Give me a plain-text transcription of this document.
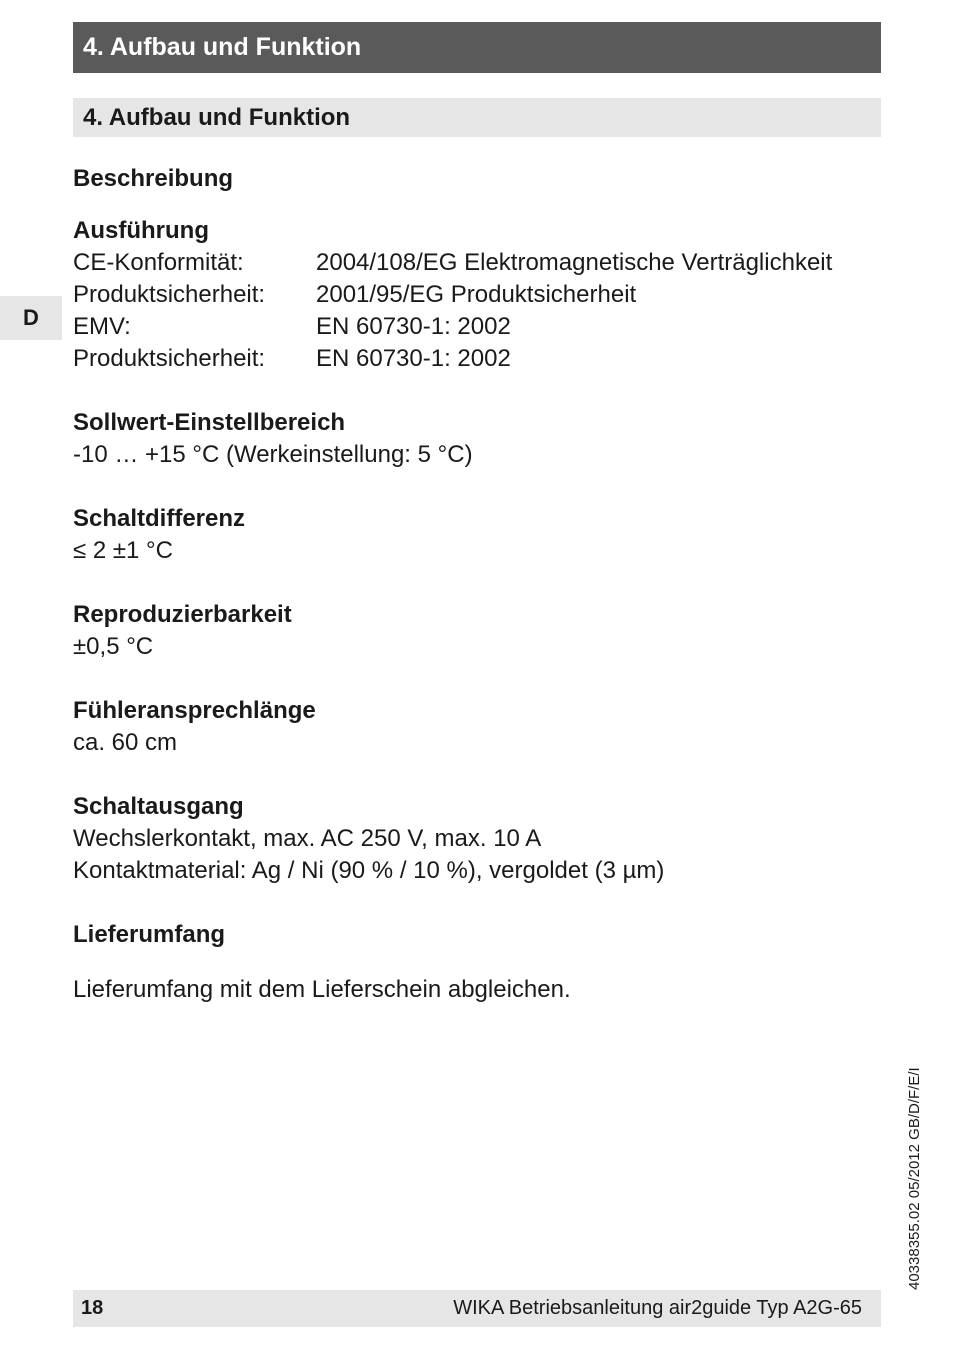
4. Aufbau und Funktion
4. Aufbau und Funktion
D
Beschreibung
Ausführung
CE-Konformität:	2004/108/EG Elektromagnetische Verträglichkeit
Produktsicherheit:	2001/95/EG Produktsicherheit
EMV:	EN 60730-1: 2002
Produktsicherheit:	EN 60730-1: 2002
Sollwert-Einstellbereich
-10 … +15 °C (Werkeinstellung: 5 °C)
Schaltdifferenz
≤ 2 ±1 °C
Reproduzierbarkeit
±0,5 °C
Fühleransprechlänge
ca. 60 cm
Schaltausgang
Wechslerkontakt, max. AC 250 V, max. 10 A
Kontaktmaterial: Ag / Ni (90 % / 10 %), vergoldet (3 µm)
Lieferumfang
Lieferumfang mit dem Lieferschein abgleichen.
40338355.02 05/2012 GB/D/F/E/I
18	WIKA Betriebsanleitung air2guide Typ A2G-65
